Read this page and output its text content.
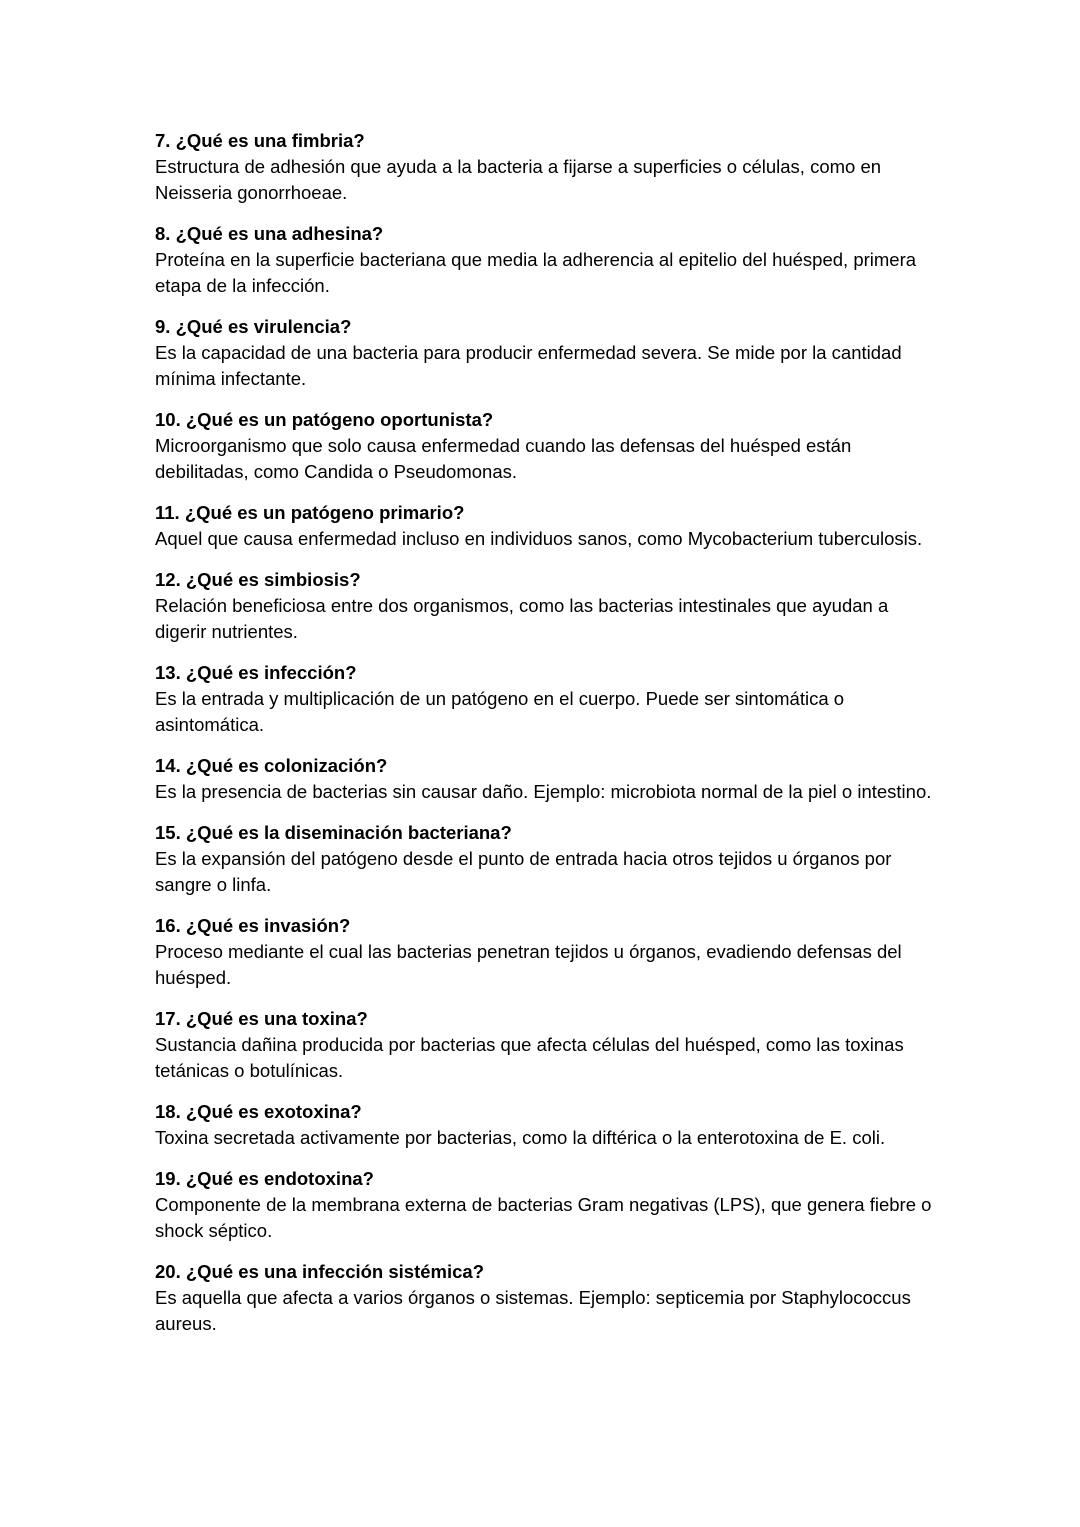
7. ¿Qué es una fimbria?

Estructura de adhesión que ayuda a la bacteria a fijarse a superficies o células, como en Neisseria gonorrhoeae.

8. ¿Qué es una adhesina?

Proteína en la superficie bacteriana que media la adherencia al epitelio del huésped, primera etapa de la infección.

9. ¿Qué es virulencia?

Es la capacidad de una bacteria para producir enfermedad severa. Se mide por la cantidad mínima infectante.

10. ¿Qué es un patógeno oportunista?

Microorganismo que solo causa enfermedad cuando las defensas del huésped están debilitadas, como Candida o Pseudomonas.

11. ¿Qué es un patógeno primario?

Aquel que causa enfermedad incluso en individuos sanos, como Mycobacterium tuberculosis.

12. ¿Qué es simbiosis?

Relación beneficiosa entre dos organismos, como las bacterias intestinales que ayudan a digerir nutrientes.

13. ¿Qué es infección?

Es la entrada y multiplicación de un patógeno en el cuerpo. Puede ser sintomática o asintomática.

14. ¿Qué es colonización?

Es la presencia de bacterias sin causar daño. Ejemplo: microbiota normal de la piel o intestino.

15. ¿Qué es la diseminación bacteriana?

Es la expansión del patógeno desde el punto de entrada hacia otros tejidos u órganos por sangre o linfa.

16. ¿Qué es invasión?

Proceso mediante el cual las bacterias penetran tejidos u órganos, evadiendo defensas del huésped.

17. ¿Qué es una toxina?

Sustancia dañina producida por bacterias que afecta células del huésped, como las toxinas tetánicas o botulínicas.

18. ¿Qué es exotoxina?

Toxina secretada activamente por bacterias, como la diftérica o la enterotoxina de E. coli.

19. ¿Qué es endotoxina?

Componente de la membrana externa de bacterias Gram negativas (LPS), que genera fiebre o shock séptico.

20. ¿Qué es una infección sistémica?

Es aquella que afecta a varios órganos o sistemas. Ejemplo: septicemia por Staphylococcus aureus.
